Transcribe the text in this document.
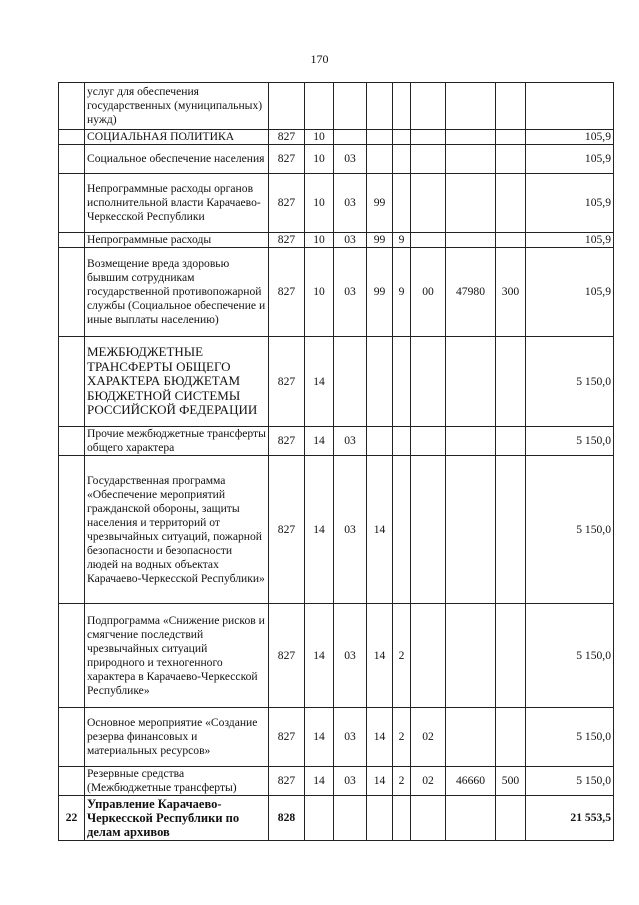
170
	услуг для обеспечения государственных (муниципальных) нужд)									
	СОЦИАЛЬНАЯ ПОЛИТИКА	827	10							105,9
	Социальное обеспечение населения	827	10	03						105,9
	Непрограммные расходы органов исполнительной власти Карачаево-Черкесской Республики	827	10	03	99					105,9
	Непрограммные расходы	827	10	03	99	9				105,9
	Возмещение вреда здоровью бывшим сотрудникам государственной противопожарной службы (Социальное обеспечение и иные выплаты населению)	827	10	03	99	9	00	47980	300	105,9
	МЕЖБЮДЖЕТНЫЕ ТРАНСФЕРТЫ ОБЩЕГО ХАРАКТЕРА БЮДЖЕТАМ БЮДЖЕТНОЙ СИСТЕМЫ РОССИЙСКОЙ ФЕДЕРАЦИИ	827	14							5 150,0
	Прочие межбюджетные трансферты общего характера	827	14	03						5 150,0
	Государственная программа «Обеспечение мероприятий гражданской обороны, защиты населения и территорий от чрезвычайных ситуаций, пожарной безопасности и безопасности людей на водных объектах Карачаево-Черкесской Республики»	827	14	03	14					5 150,0
	Подпрограмма «Снижение рисков и смягчение последствий чрезвычайных ситуаций природного и техногенного характера в Карачаево-Черкесской Республике»	827	14	03	14	2				5 150,0
	Основное мероприятие «Создание резерва финансовых и материальных ресурсов»	827	14	03	14	2	02			5 150,0
	Резервные средства (Межбюджетные трансферты)	827	14	03	14	2	02	46660	500	5 150,0
22	Управление Карачаево-Черкесской Республики по делам архивов	828								21 553,5
